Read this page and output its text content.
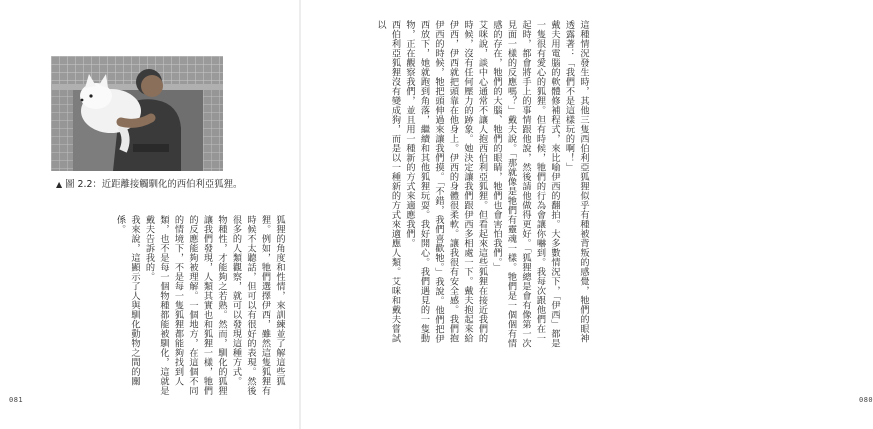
▲ 圖 2.2：近距離接觸馴化的西伯利亞狐狸。

狐狸的角度和性情，來訓練並了解這些狐狸。例如，牠們選擇伊西，雖然這隻狐狸有時候不太聽話，但可以有很好的表現。然後很多的人類觀察，就可以發現這種方式。

物種性，才能夠之若熟。然而，馴化的狐狸讓我們發現，人類其實也和狐狸一樣，牠們的反應能夠被理解。一個地方，在這個不同的情境下，不是每一隻狐狸都能夠找到人類，也不是每一個物種都能被馴化，這就是戴夫告訴我的。

我來說，這顯示了人與馴化動物之間的關係。

081

這種情況發生時，其他三隻西伯利亞狐狸似乎有種被背叛的感覺，牠們的眼神透露著：「我們不是這樣玩的啊！」

戴夫用電腦的軟體修補程式，來比喻伊西的翻拍。大多數情況下，「伊西」都是一隻很有愛心的狐狸。但有時候，牠們的行為會讓你嚇到。我每次跟他們在一起時，都會將手上的事情跟他說，然後請他做得更好。「狐狸總是會有像第一次見面一樣的反應嗎？」戴夫說。「那就像是牠們有靈魂一樣。牠們是一個個有情感的存在，牠們的大腦、牠們的眼睛，牠們也會害怕我們。」

艾咪說，談中心通常不讓人抱西伯利亞狐狸。但看起來這些狐狸在接近我們的時候，沒有任何壓力的跡象。她決定讓我們跟伊西多相處一下。戴夫抱起來給伊西，伊西就把頭靠在他身上。伊西的身體很柔軟。讓我很有安全感。我們抱伊西的時候，牠把頭伸過來讓我們摸。「不錯，我們喜歡牠。」我說。他們把伊西放下，她就跑到角落，繼續和其他狐狸玩耍。我好開心。我們遇見的一隻動物，正在觀察我們，並且用一種新的方式來適應我們。

西伯利亞狐狸沒有變成狗，而是以一種新的方式來適應人類。艾咪和戴夫嘗試以

080
